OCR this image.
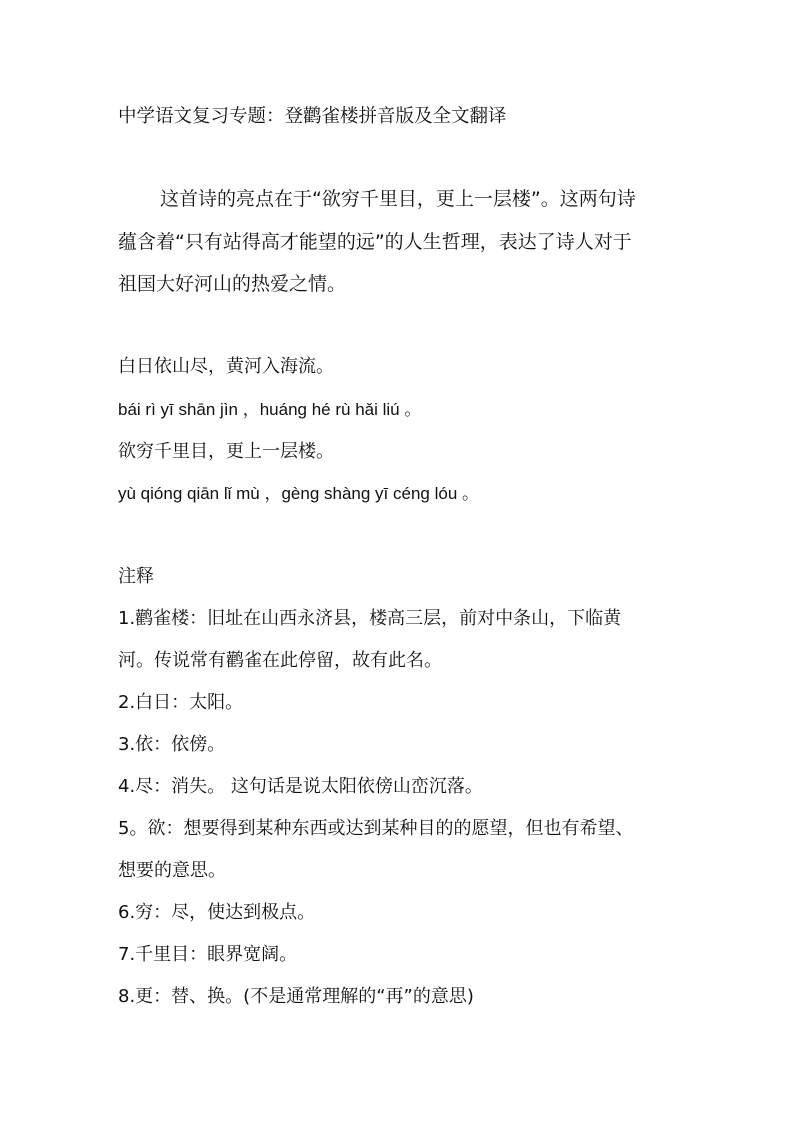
中学语文复习专题：登鹳雀楼拼音版及全文翻译
这首诗的亮点在于“欲穷千里目，更上一层楼”。这两句诗
蕴含着“只有站得高才能望的远”的人生哲理，表达了诗人对于
祖国大好河山的热爱之情。
白日依山尽，黄河入海流。
bái rì yī shān jìn ，huáng hé rù hǎi liú 。
欲穷千里目，更上一层楼。
yù qióng qiān lǐ mù ，gèng shàng yī céng lóu 。
注释
1.鹳雀楼：旧址在山西永济县，楼高三层，前对中条山，下临黄
河。传说常有鹳雀在此停留，故有此名。
2.白日：太阳。
3.依：依傍。
4.尽：消失。 这句话是说太阳依傍山峦沉落。
5。欲：想要得到某种东西或达到某种目的的愿望，但也有希望、
想要的意思。
6.穷：尽，使达到极点。
7.千里目：眼界宽阔。
8.更：替、换。(不是通常理解的“再”的意思)
